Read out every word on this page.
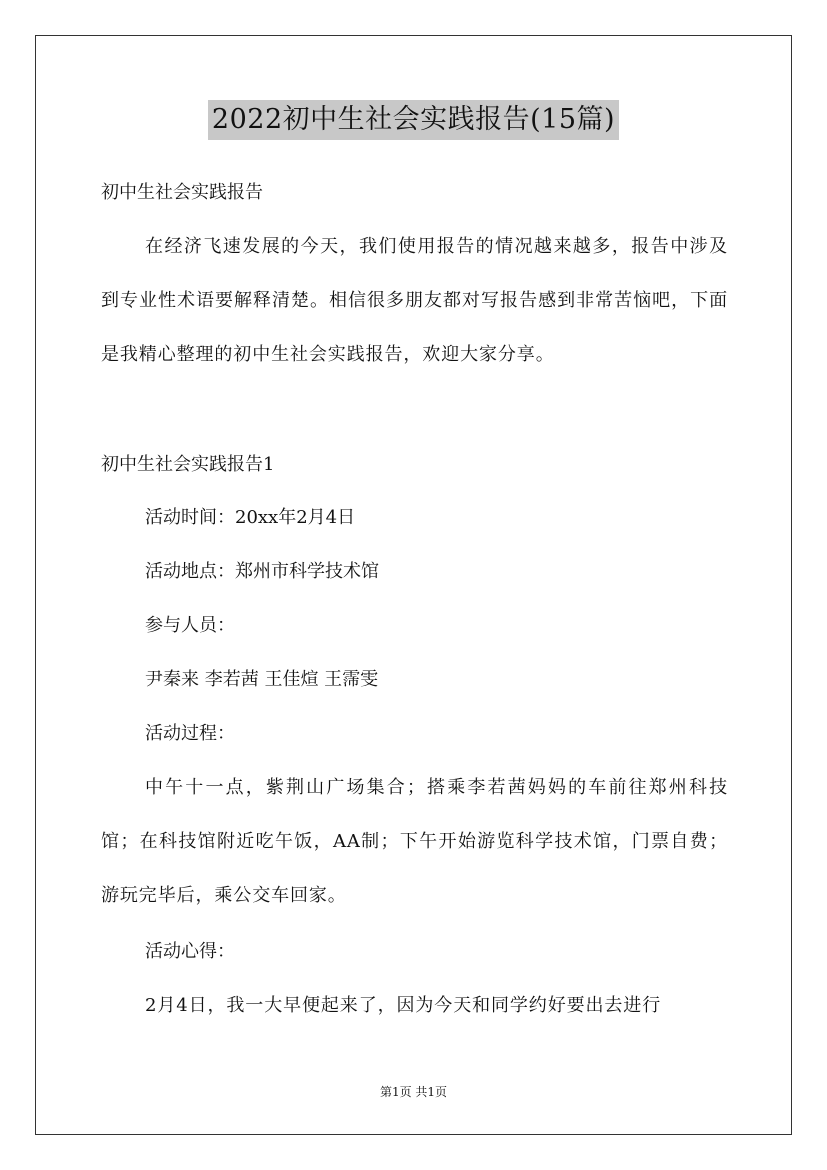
2022初中生社会实践报告(15篇)
初中生社会实践报告
在经济飞速发展的今天，我们使用报告的情况越来越多，报告中涉及到专业性术语要解释清楚。相信很多朋友都对写报告感到非常苦恼吧，下面是我精心整理的初中生社会实践报告，欢迎大家分享。
初中生社会实践报告1
活动时间：20xx年2月4日
活动地点：郑州市科学技术馆
参与人员：
尹秦来 李若茜 王佳煊 王霈雯
活动过程：
中午十一点，紫荆山广场集合；搭乘李若茜妈妈的车前往郑州科技馆；在科技馆附近吃午饭，AA制；下午开始游览科学技术馆，门票自费；游玩完毕后，乘公交车回家。
活动心得：
2月4日，我一大早便起来了，因为今天和同学约好要出去进行
第1页 共1页
